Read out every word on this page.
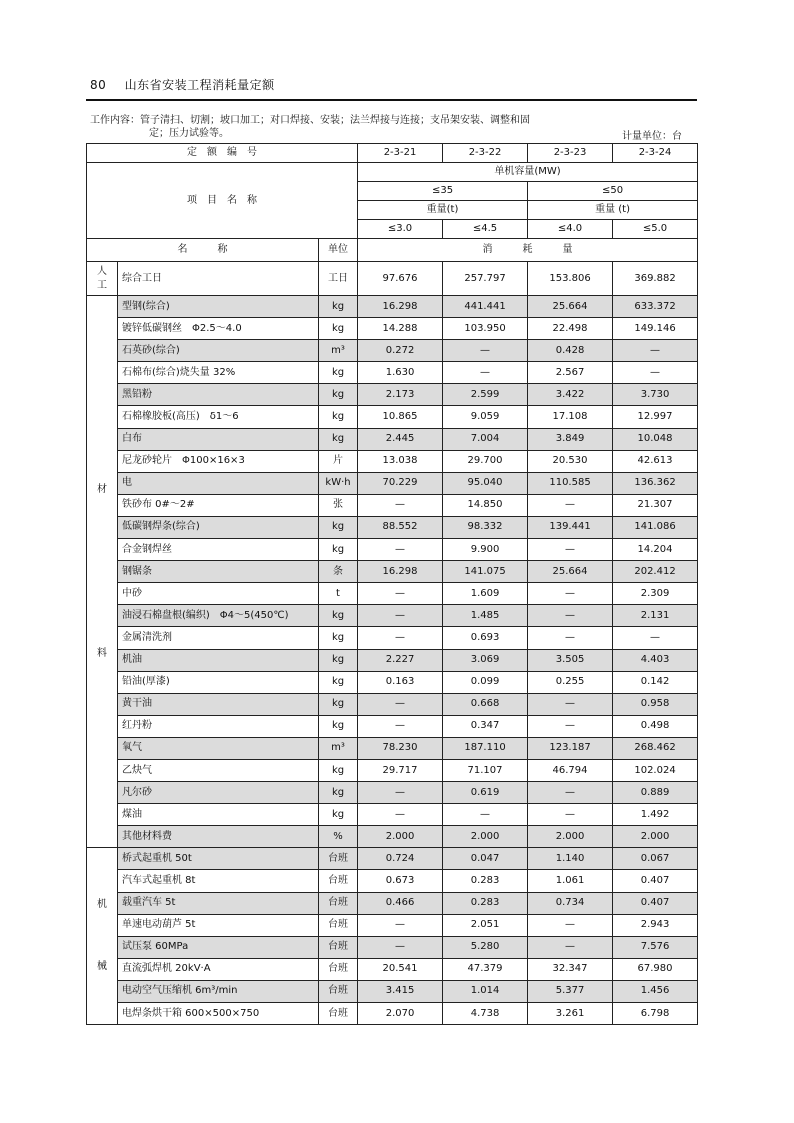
80 山东省安装工程消耗量定额
工作内容：管子清扫、切割；坡口加工；对口焊接、安装；法兰焊接与连接；支吊架安装、调整和固
定；压力试验等。	计量单位：台
定　额　编　号			2-3-21	2-3-22	2-3-23	2-3-24
项　目　名　称			单机容量(MW)			
			≤35		≤50	
			重量(t)		重量 (t)	
			≤3.0	≤4.5	≤4.0	≤5.0
名　　　称		单位	消　　　耗　　　量			

人
工	综合工日	工日	97.676	257.797	153.806	369.882

材
料	型钢(综合)	kg	16.298	441.441	25.664	633.372
	镀锌低碳钢丝　Φ2.5～4.0	kg	14.288	103.950	22.498	149.146
	石英砂(综合)	m³	0.272	—	0.428	—
	石棉布(综合)烧失量 32%	kg	1.630	—	2.567	—
	黑铅粉	kg	2.173	2.599	3.422	3.730
	石棉橡胶板(高压)　δ1～6	kg	10.865	9.059	17.108	12.997
	白布	kg	2.445	7.004	3.849	10.048
	尼龙砂轮片　Φ100×16×3	片	13.038	29.700	20.530	42.613
	电	kW·h	70.229	95.040	110.585	136.362
	铁砂布 0#～2#	张	—	14.850	—	21.307
	低碳钢焊条(综合)	kg	88.552	98.332	139.441	141.086
	合金钢焊丝	kg	—	9.900	—	14.204
	钢锯条	条	16.298	141.075	25.664	202.412
	中砂	t	—	1.609	—	2.309
	油浸石棉盘根(编织)　Φ4～5(450℃)	kg	—	1.485	—	2.131
	金属清洗剂	kg	—	0.693	—	—
	机油	kg	2.227	3.069	3.505	4.403
	铅油(厚漆)	kg	0.163	0.099	0.255	0.142
	黄干油	kg	—	0.668	—	0.958
	红丹粉	kg	—	0.347	—	0.498
	氧气	m³	78.230	187.110	123.187	268.462
	乙炔气	kg	29.717	71.107	46.794	102.024
	凡尔砂	kg	—	0.619	—	0.889
	煤油	kg	—	—	—	1.492
	其他材料费	%	2.000	2.000	2.000	2.000

机
械	桥式起重机 50t	台班	0.724	0.047	1.140	0.067
	汽车式起重机 8t	台班	0.673	0.283	1.061	0.407
	载重汽车 5t	台班	0.466	0.283	0.734	0.407
	单速电动葫芦 5t	台班	—	2.051	—	2.943
	试压泵 60MPa	台班	—	5.280	—	7.576
	直流弧焊机 20kV·A	台班	20.541	47.379	32.347	67.980
	电动空气压缩机 6m³/min	台班	3.415	1.014	5.377	1.456
	电焊条烘干箱 600×500×750	台班	2.070	4.738	3.261	6.798
